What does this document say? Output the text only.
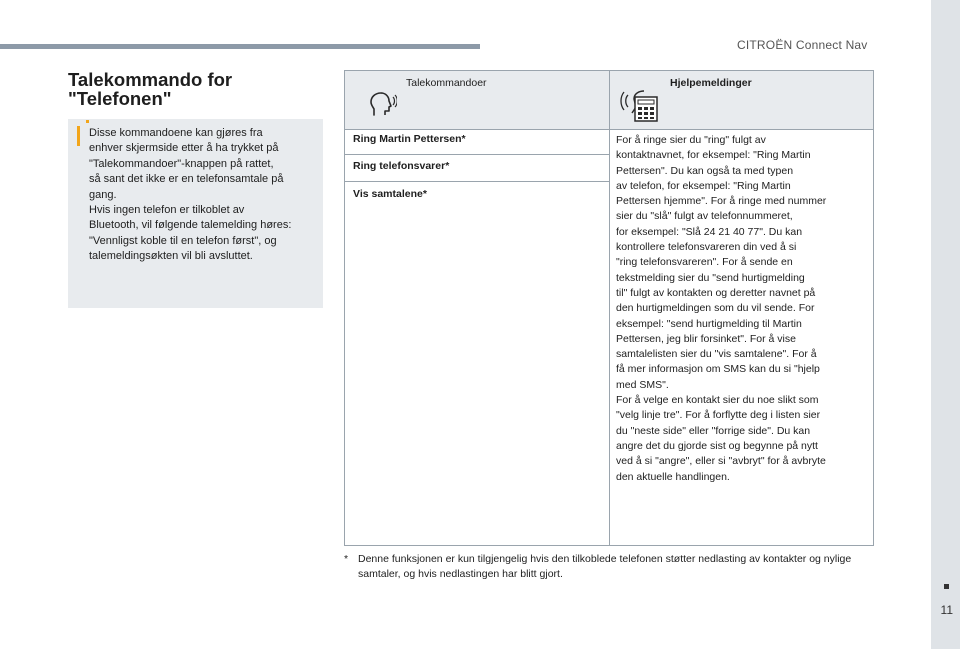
CITROËN Connect Nav
11
Talekommando for "Telefonen"

Disse kommandoene kan gjøres fra

enhver skjermside etter å ha trykket på

"Talekommandoer"-knappen på rattet,

så sant det ikke er en telefonsamtale på

gang.

Hvis ingen telefon er tilkoblet av

Bluetooth, vil følgende talemelding høres:

"Vennligst koble til en telefon først", og

talemeldingsøkten vil bli avsluttet.

Talekommandoer	Hjelpemeldinger
Ring Martin Pettersen*
Ring telefonsvarer*
Vis samtalene*
For å ringe sier du "ring" fulgt av
kontaktnavnet, for eksempel: "Ring Martin
Pettersen". Du kan også ta med typen
av telefon, for eksempel: "Ring Martin
Pettersen hjemme". For å ringe med nummer
sier du "slå" fulgt av telefonnummeret,
for eksempel: "Slå 24 21 40 77". Du kan
kontrollere telefonsvareren din ved å si
"ring telefonsvareren". For å sende en
tekstmelding sier du "send hurtigmelding
til" fulgt av kontakten og deretter navnet på
den hurtigmeldingen som du vil sende. For
eksempel: "send hurtigmelding til Martin
Pettersen, jeg blir forsinket". For å vise
samtalelisten sier du "vis samtalene". For å
få mer informasjon om SMS kan du si "hjelp
med SMS".
For å velge en kontakt sier du noe slikt som
"velg linje tre". For å forflytte deg i listen sier
du "neste side" eller "forrige side". Du kan
angre det du gjorde sist og begynne på nytt
ved å si "angre", eller si "avbryt" for å avbryte
den aktuelle handlingen.
* Denne funksjonen er kun tilgjengelig hvis den tilkoblede telefonen støtter nedlasting av kontakter og nylige samtaler, og hvis nedlastingen har blitt gjort.
